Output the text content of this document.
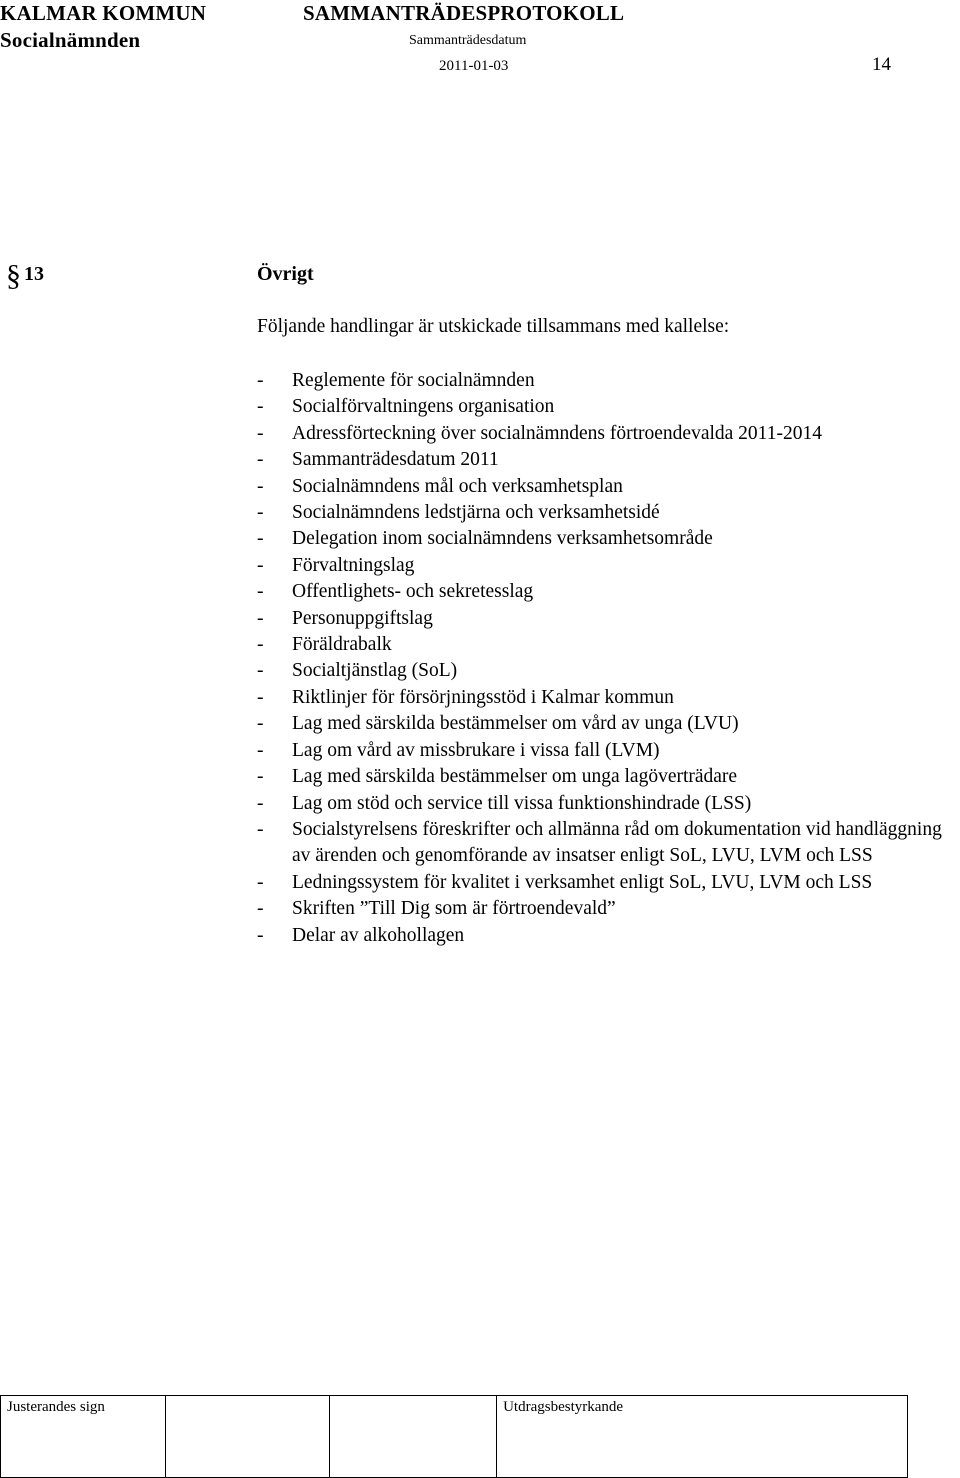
KALMAR KOMMUN
Socialnämnden
SAMMANTRÄDESPROTOKOLL
Sammanträdesdatum
2011-01-03	14
§ 13	Övrigt
Följande handlingar är utskickade tillsammans med kallelse:
- Reglemente för socialnämnden
- Socialförvaltningens organisation
- Adressförteckning över socialnämndens förtroendevalda 2011-2014
- Sammanträdesdatum 2011
- Socialnämndens mål och verksamhetsplan
- Socialnämndens ledstjärna och verksamhetsidé
- Delegation inom socialnämndens verksamhetsområde
- Förvaltningslag
- Offentlighets- och sekretesslag
- Personuppgiftslag
- Föräldrabalk
- Socialtjänstlag (SoL)
- Riktlinjer för försörjningsstöd i Kalmar kommun
- Lag med särskilda bestämmelser om vård av unga (LVU)
- Lag om vård av missbrukare i vissa fall (LVM)
- Lag med särskilda bestämmelser om unga lagöverträdare
- Lag om stöd och service till vissa funktionshindrade (LSS)
- Socialstyrelsens föreskrifter och allmänna råd om dokumentation vid handläggning av ärenden och genomförande av insatser enligt SoL, LVU, LVM och LSS
- Ledningssystem för kvalitet i verksamhet enligt SoL, LVU, LVM och LSS
- Skriften ”Till Dig som är förtroendevald”
- Delar av alkohollagen
Justerandes sign			Utdragsbestyrkande
